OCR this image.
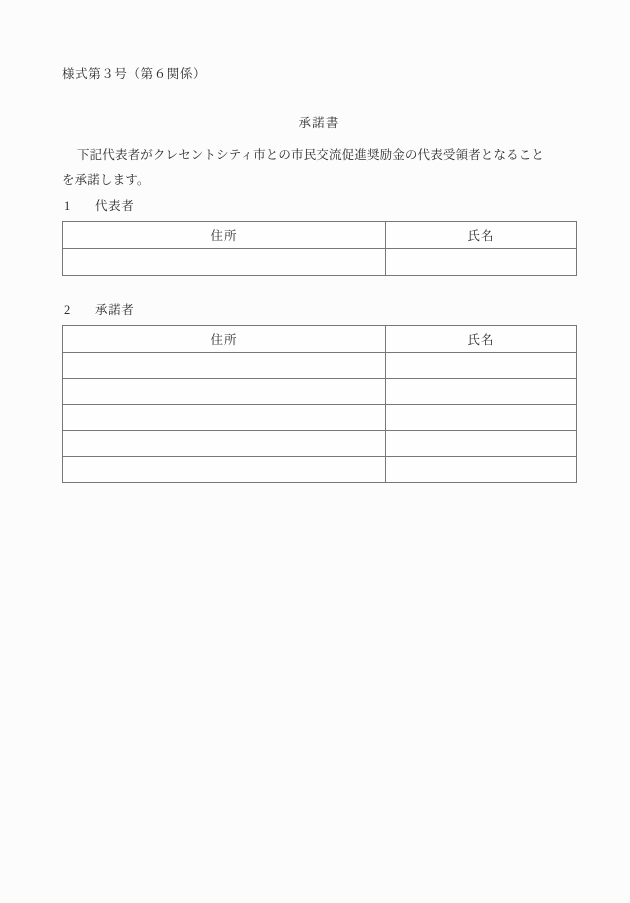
様式第３号（第６関係）
承諾書
下記代表者がクレセントシティ市との市民交流促進奨励金の代表受領者となること
を承諾します。
1 代表者
住所	氏名

2 承諾者
住所	氏名
